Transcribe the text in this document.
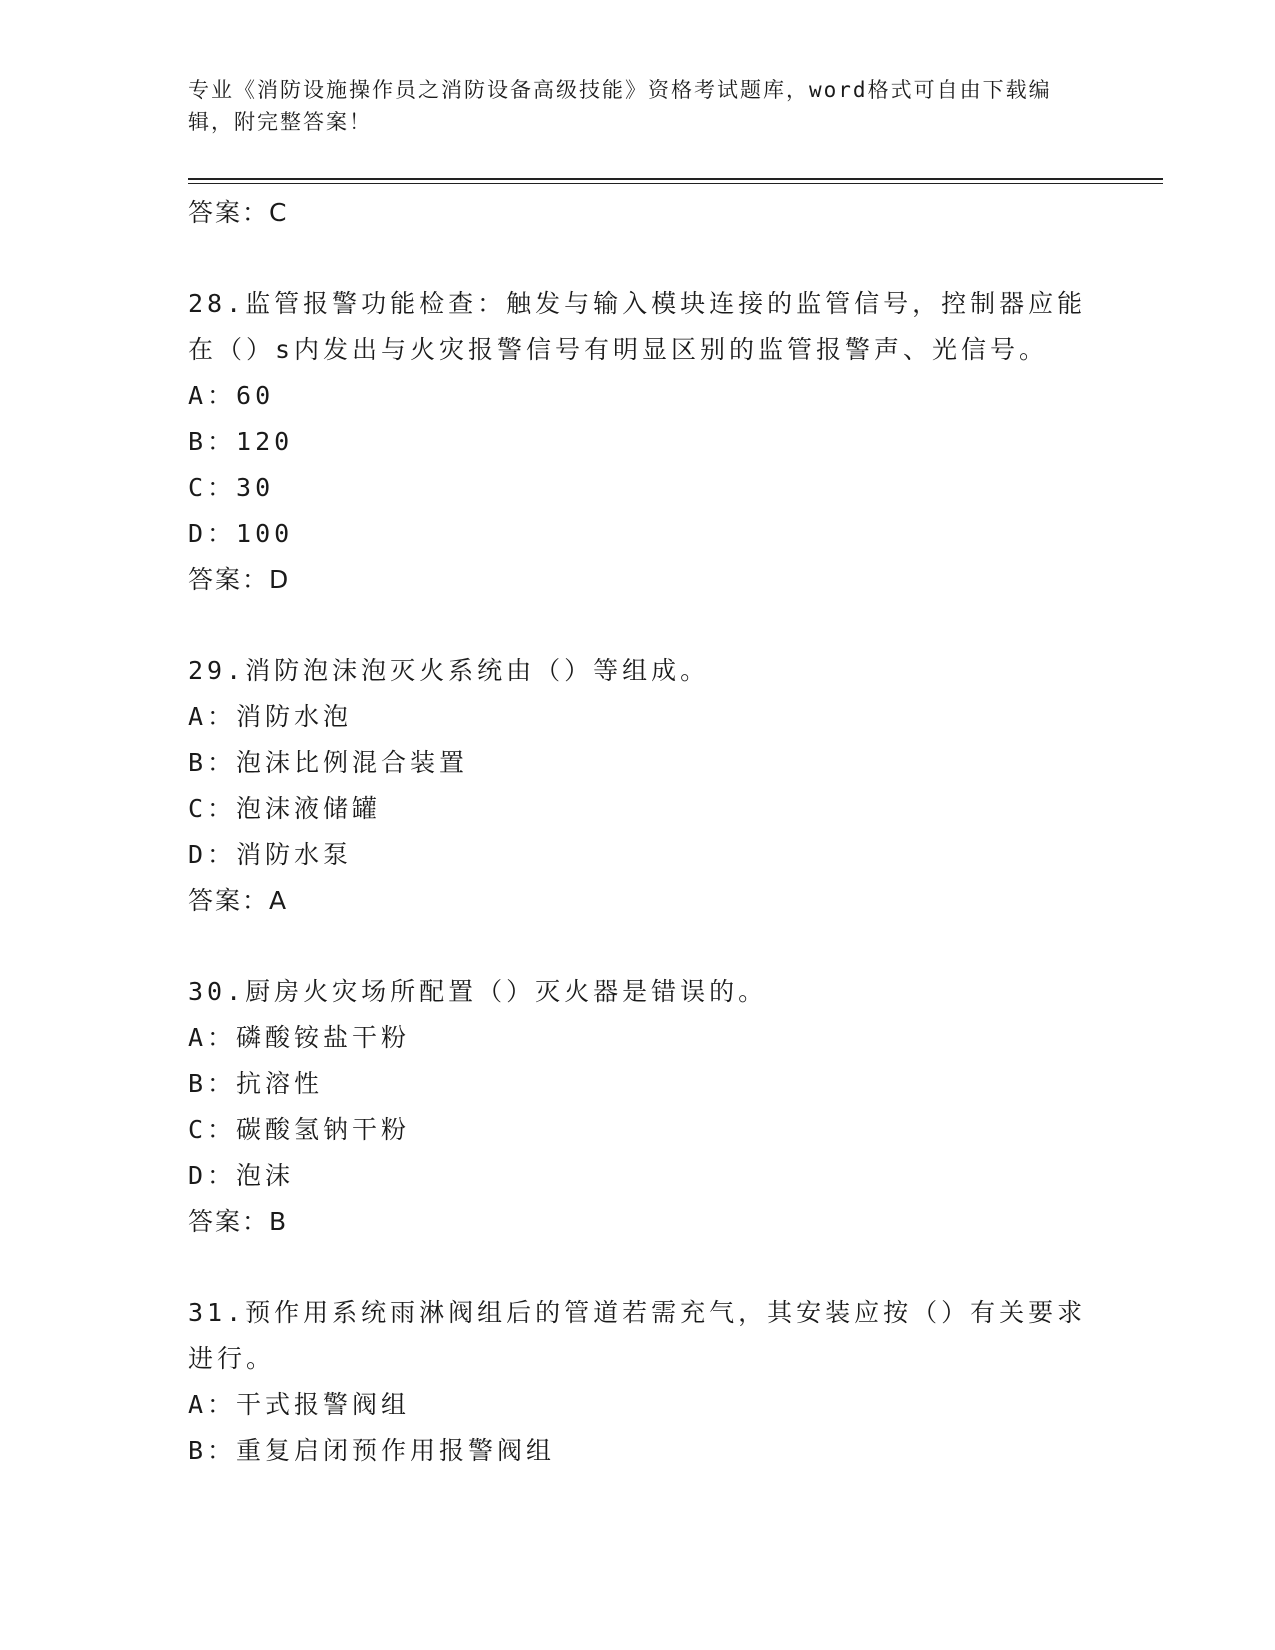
专业《消防设施操作员之消防设备高级技能》资格考试题库，word格式可自由下载编辑，附完整答案！
答案：C
28.监管报警功能检查：触发与输入模块连接的监管信号，控制器应能在（）s内发出与火灾报警信号有明显区别的监管报警声、光信号。
A：60
B：120
C：30
D：100
答案：D
29.消防泡沫泡灭火系统由（）等组成。
A：消防水泡
B：泡沫比例混合装置
C：泡沫液储罐
D：消防水泵
答案：A
30.厨房火灾场所配置（）灭火器是错误的。
A：磷酸铵盐干粉
B：抗溶性
C：碳酸氢钠干粉
D：泡沫
答案：B
31.预作用系统雨淋阀组后的管道若需充气，其安装应按（）有关要求进行。
A：干式报警阀组
B：重复启闭预作用报警阀组
